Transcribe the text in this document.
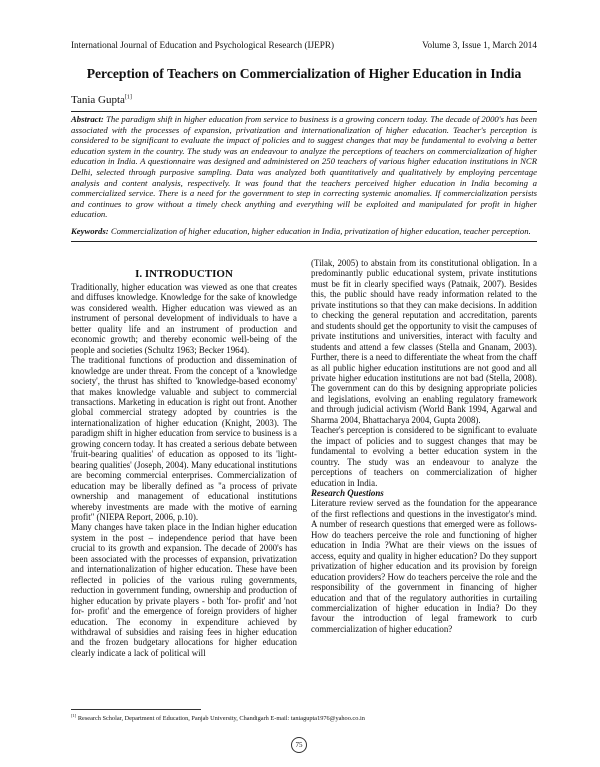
International Journal of Education and Psychological Research (IJEPR)	Volume 3, Issue 1, March 2014
Perception of Teachers on Commercialization of Higher Education in India
Tania Gupta[1]
Abstract: The paradigm shift in higher education from service to business is a growing concern today. The decade of 2000's has been associated with the processes of expansion, privatization and internationalization of higher education. Teacher's perception is considered to be significant to evaluate the impact of policies and to suggest changes that may be fundamental to evolving a better education system in the country. The study was an endeavour to analyze the perceptions of teachers on commercialization of higher education in India. A questionnaire was designed and administered on 250 teachers of various higher education institutions in NCR Delhi, selected through purposive sampling. Data was analyzed both quantitatively and qualitatively by employing percentage analysis and content analysis, respectively. It was found that the teachers perceived higher education in India becoming a commercialized service. There is a need for the government to step in correcting systemic anomalies. If commercialization persists and continues to grow without a timely check anything and everything will be exploited and manipulated for profit in higher education.
Keywords: Commercialization of higher education, higher education in India, privatization of higher education, teacher perception.
I. INTRODUCTION

Traditionally, higher education was viewed as one that creates and diffuses knowledge. Knowledge for the sake of knowledge was considered wealth. Higher education was viewed as an instrument of personal development of individuals to have a better quality life and an instrument of production and economic growth; and thereby economic well-being of the people and societies (Schultz 1963; Becker 1964).

The traditional functions of production and dissemination of knowledge are under threat. From the concept of a 'knowledge society', the thrust has shifted to 'knowledge-based economy' that makes knowledge valuable and subject to commercial transactions. Marketing in education is right out front. Another global commercial strategy adopted by countries is the internationalization of higher education (Knight, 2003). The paradigm shift in higher education from service to business is a growing concern today. It has created a serious debate between 'fruit-bearing qualities' of education as opposed to its 'light-bearing qualities' (Joseph, 2004). Many educational institutions are becoming commercial enterprises. Commercialization of education may be liberally defined as "a process of private ownership and management of educational institutions whereby investments are made with the motive of earning profit" (NIEPA Report, 2006, p.10).

Many changes have taken place in the Indian higher education system in the post – independence period that have been crucial to its growth and expansion. The decade of 2000's has been associated with the processes of expansion, privatization and internationalization of higher education. These have been reflected in policies of the various ruling governments, reduction in government funding, ownership and production of higher education by private players - both 'for- profit' and 'not for- profit' and the emergence of foreign providers of higher education. The economy in expenditure achieved by withdrawal of subsidies and raising fees in higher education and the frozen budgetary allocations for higher education clearly indicate a lack of political will

(Tilak, 2005) to abstain from its constitutional obligation. In a predominantly public educational system, private institutions must be fit in clearly specified ways (Patnaik, 2007). Besides this, the public should have ready information related to the private institutions so that they can make decisions. In addition to checking the general reputation and accreditation, parents and students should get the opportunity to visit the campuses of private institutions and universities, interact with faculty and students and attend a few classes (Stella and Gnanam, 2003). Further, there is a need to differentiate the wheat from the chaff as all public higher education institutions are not good and all private higher education institutions are not bad (Stella, 2008). The government can do this by designing appropriate policies and legislations, evolving an enabling regulatory framework and through judicial activism (World Bank 1994, Agarwal and Sharma 2004, Bhattacharya 2004, Gupta 2008).

Teacher's perception is considered to be significant to evaluate the impact of policies and to suggest changes that may be fundamental to evolving a better education system in the country. The study was an endeavour to analyze the perceptions of teachers on commercialization of higher education in India.

Research Questions

Literature review served as the foundation for the appearance of the first reflections and questions in the investigator's mind. A number of research questions that emerged were as follows- How do teachers perceive the role and functioning of higher education in India ?What are their views on the issues of access, equity and quality in higher education? Do they support privatization of higher education and its provision by foreign education providers? How do teachers perceive the role and the responsibility of the government in financing of higher education and that of the regulatory authorities in curtailing commercialization of higher education in India? Do they favour the introduction of legal framework to curb commercialization of higher education?

[1] Research Scholar, Department of Education, Panjab University, Chandigarh E-mail: taniagupta1976@yahoo.co.in
75
